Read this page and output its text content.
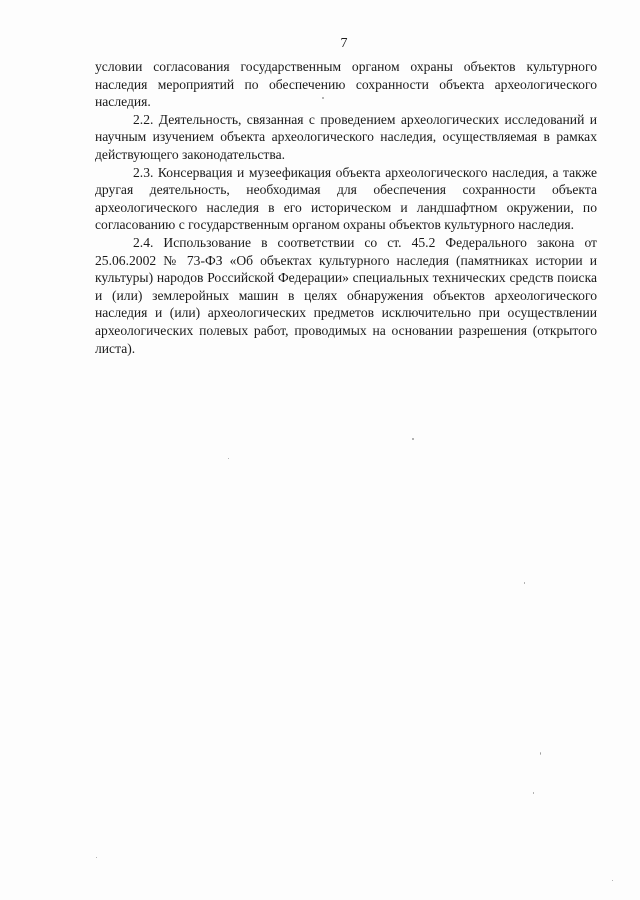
7

условии согласования государственным органом охраны объектов культурного наследия мероприятий по обеспечению сохранности объекта археологического наследия.

2.2. Деятельность, связанная с проведением археологических исследований и научным изучением объекта археологического наследия, осуществляемая в рамках действующего законодательства.

2.3. Консервация и музеефикация объекта археологического наследия, а также другая деятельность, необходимая для обеспечения сохранности объекта археологического наследия в его историческом и ландшафтном окружении, по согласованию с государственным органом охраны объектов культурного наследия.

2.4. Использование в соответствии со ст. 45.2 Федерального закона от 25.06.2002 № 73-ФЗ «Об объектах культурного наследия (памятниках истории и культуры) народов Российской Федерации» специальных технических средств поиска и (или) землеройных машин в целях обнаружения объектов археологического наследия и (или) археологических предметов исключительно при осуществлении археологических полевых работ, проводимых на основании разрешения (открытого листа).
